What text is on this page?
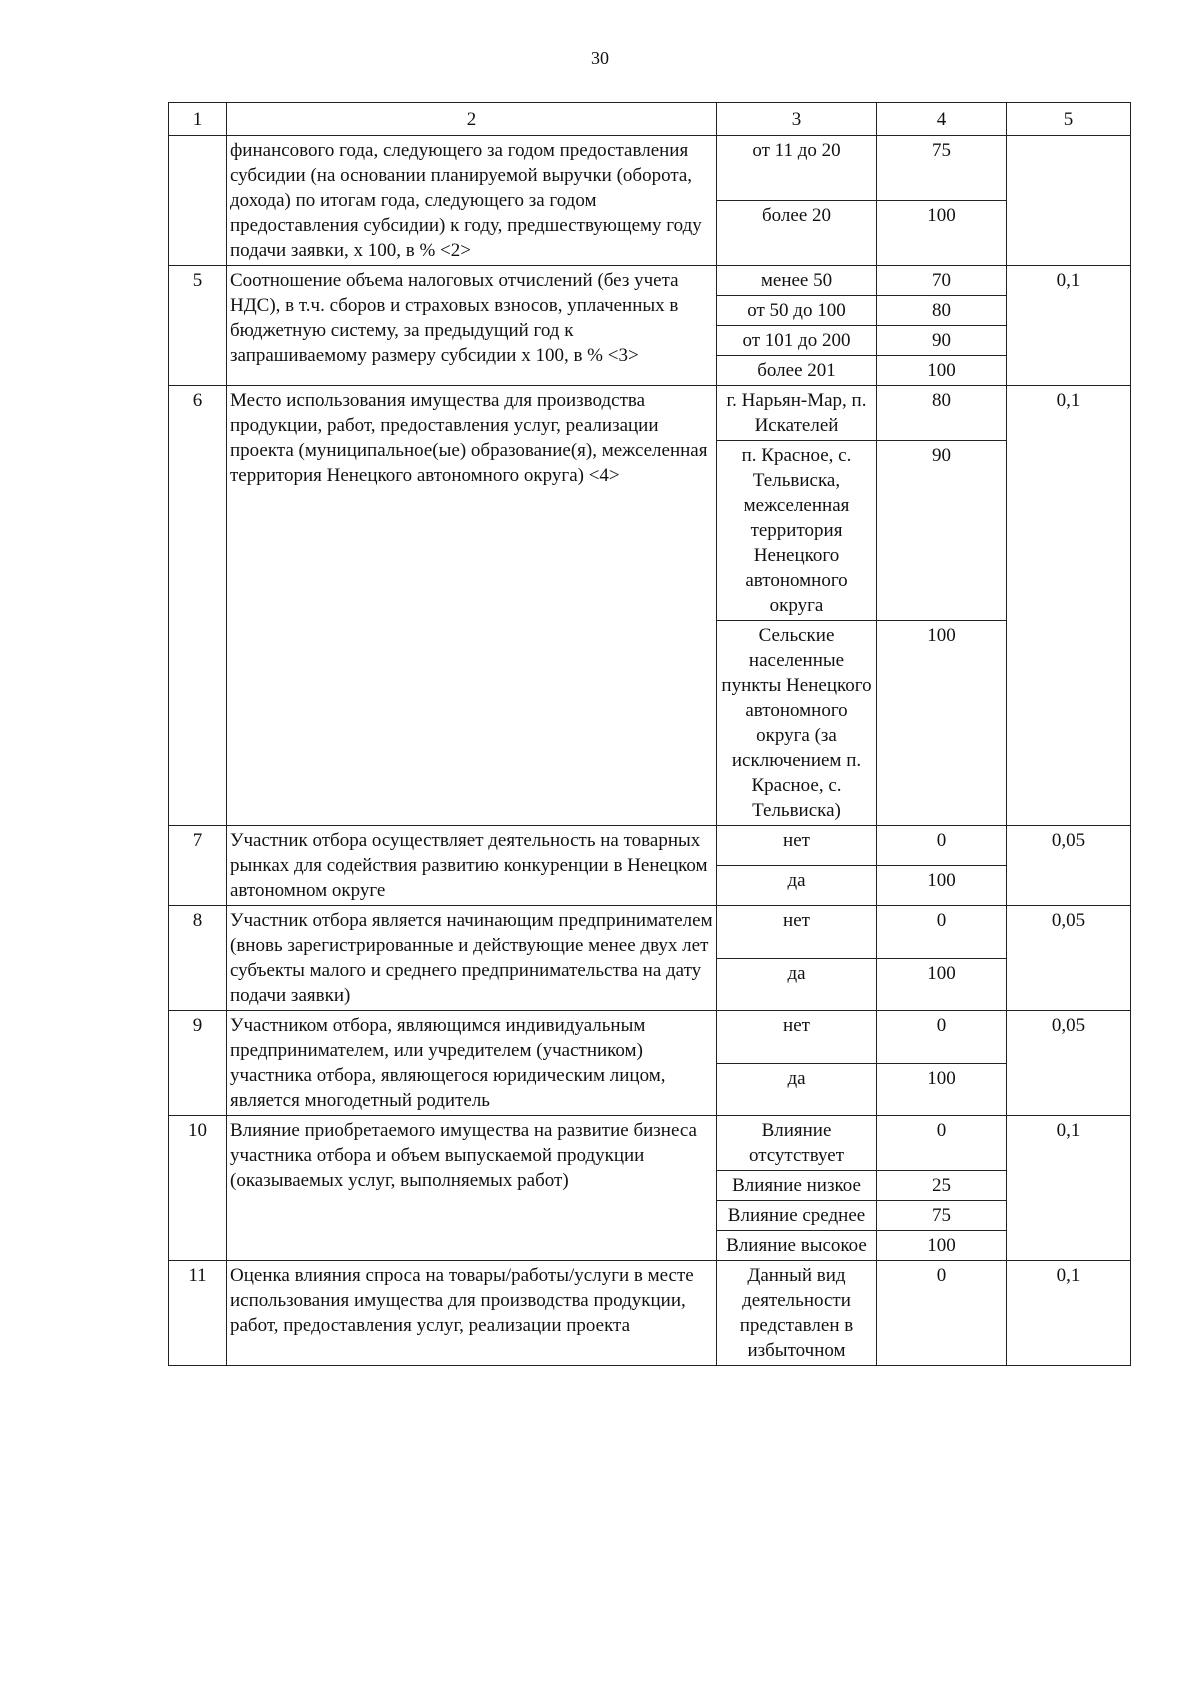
30
1	2	3	4	5
	финансового года, следующего за годом предоставления субсидии (на основании планируемой выручки (оборота, дохода) по итогам года, следующего за годом предоставления субсидии) к году, предшествующему году подачи заявки, x 100, в % <2>	от 11 до 20	75	
		более 20	100	
5	Соотношение объема налоговых отчислений (без учета НДС), в т.ч. сборов и страховых взносов, уплаченных в бюджетную систему, за предыдущий год к запрашиваемому размеру субсидии x 100, в % <3>	менее 50	70	0,1
		от 50 до 100	80	
		от 101 до 200	90	
		более 201	100	
6	Место использования имущества для производства продукции, работ, предоставления услуг, реализации проекта (муниципальное(ые) образование(я), межселенная территория Ненецкого автономного округа) <4>	г. Нарьян-Мар, п. Искателей	80	0,1
		п. Красное, с. Тельвиска, межселенная территория Ненецкого автономного округа	90	
		Сельские населенные пункты Ненецкого автономного округа (за исключением п. Красное, с. Тельвиска)	100	
7	Участник отбора осуществляет деятельность на товарных рынках для содействия развитию конкуренции в Ненецком автономном округе	нет	0	0,05
		да	100	
8	Участник отбора является начинающим предпринимателем (вновь зарегистрированные и действующие менее двух лет субъекты малого и среднего предпринимательства на дату подачи заявки)	нет	0	0,05
		да	100	
9	Участником отбора, являющимся индивидуальным предпринимателем, или учредителем (участником) участника отбора, являющегося юридическим лицом, является многодетный родитель	нет	0	0,05
		да	100	
10	Влияние приобретаемого имущества на развитие бизнеса участника отбора и объем выпускаемой продукции (оказываемых услуг, выполняемых работ)	Влияние отсутствует	0	0,1
		Влияние низкое	25	
		Влияние среднее	75	
		Влияние высокое	100	
11	Оценка влияния спроса на товары/работы/услуги в месте использования имущества для производства продукции, работ, предоставления услуг, реализации проекта	Данный вид деятельности представлен в избыточном	0	0,1
